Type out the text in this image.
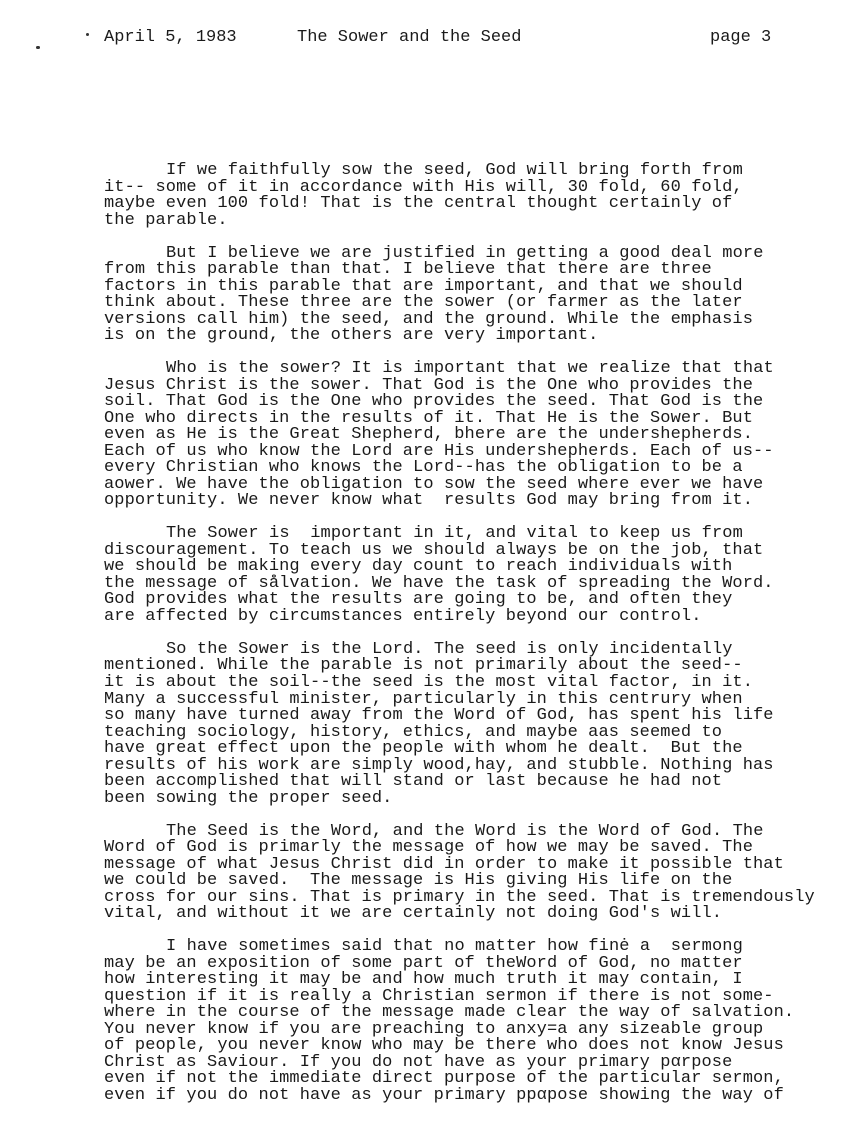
April 5, 1983	The Sower and the Seed	page 3
If we faithfully sow the seed, God will bring forth from
it-- some of it in accordance with His will, 30 fold, 60 fold,
maybe even 100 fold! That is the central thought certainly of
the parable.
But I believe we are justified in getting a good deal more
from this parable than that. I believe that there are three
factors in this parable that are important, and that we should
think about. These three are the sower (or farmer as the later
versions call him) the seed, and the ground. While the emphasis
is on the ground, the others are very important.
Who is the sower? It is important that we realize that that
Jesus Christ is the sower. That God is the One who provides the
soil. That God is the One who provides the seed. That God is the
One who directs in the results of it. That He is the Sower. But
even as He is the Great Shepherd, bhere are the undershepherds.
Each of us who know the Lord are His undershepherds. Each of us--
every Christian who knows the Lord--has the obligation to be a
aower. We have the obligation to sow the seed where ever we have
opportunity. We never know what  results God may bring from it.
The Sower is  important in it, and vital to keep us from
discouragement. To teach us we should always be on the job, that
we should be making every day count to reach individuals with
the message of sålvation. We have the task of spreading the Word.
God provides what the results are going to be, and often they
are affected by circumstances entirely beyond our control.
So the Sower is the Lord. The seed is only incidentally
mentioned. While the parable is not primarily about the seed--
it is about the soil--the seed is the most vital factor, in it.
Many a successful minister, particularly in this centrury when
so many have turned away from the Word of God, has spent his life
teaching sociology, history, ethics, and maybe aas seemed to
have great effect upon the people with whom he dealt.  But the
results of his work are simply wood,hay, and stubble. Nothing has
been accomplished that will stand or last because he had not
been sowing the proper seed.
The Seed is the Word, and the Word is the Word of God. The
Word of God is primarly the message of how we may be saved. The
message of what Jesus Christ did in order to make it possible that
we could be saved.  The message is His giving His life on the
cross for our sins. That is primary in the seed. That is tremendously
vital, and without it we are certainly not doing God's will.
I have sometimes said that no matter how finė a  sermong
may be an exposition of some part of theWord of God, no matter
how interesting it may be and how much truth it may contain, I
question if it is really a Christian sermon if there is not some-
where in the course of the message made clear the way of salvation.
You never know if you are preaching to anxy=a any sizeable group
of people, you never know who may be there who does not know Jesus
Christ as Saviour. If you do not have as your primary pαrpose
even if not the immediate direct purpose of the particular sermon,
even if you do not have as your primary ppαpose showing the way of
